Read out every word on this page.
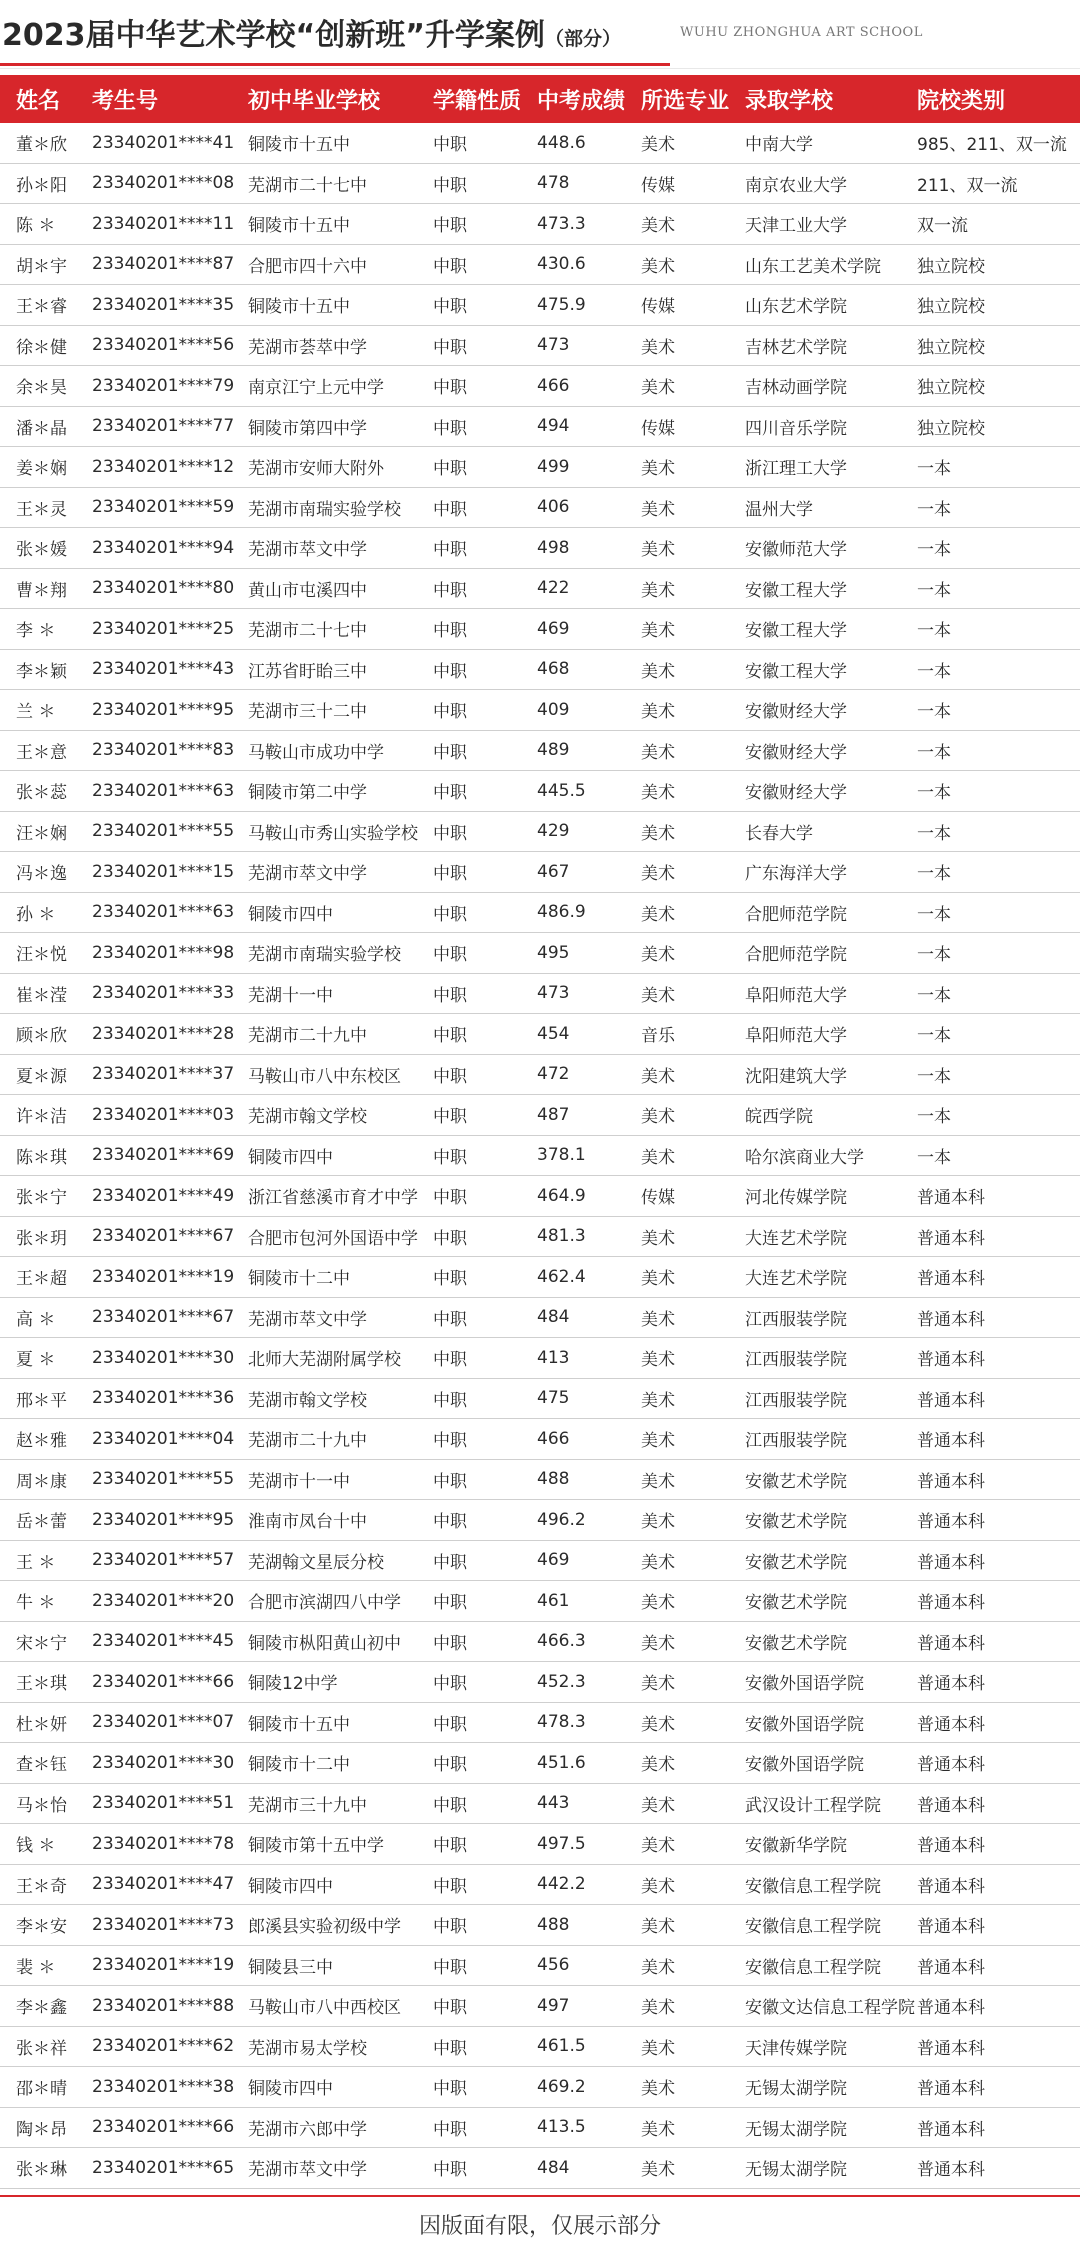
2023届中华艺术学校“创新班”升学案例（部分）	WUHU ZHONGHUA ART SCHOOL
姓名	考生号	初中毕业学校	学籍性质	中考成绩	所选专业	录取学校	院校类别
董＊欣	23340201****41	铜陵市十五中	中职	448.6	美术	中南大学	985、211、双一流
孙＊阳	23340201****08	芜湖市二十七中	中职	478	传媒	南京农业大学	211、双一流
陈 ＊	23340201****11	铜陵市十五中	中职	473.3	美术	天津工业大学	双一流
胡＊宇	23340201****87	合肥市四十六中	中职	430.6	美术	山东工艺美术学院	独立院校
王＊睿	23340201****35	铜陵市十五中	中职	475.9	传媒	山东艺术学院	独立院校
徐＊健	23340201****56	芜湖市荟萃中学	中职	473	美术	吉林艺术学院	独立院校
余＊昊	23340201****79	南京江宁上元中学	中职	466	美术	吉林动画学院	独立院校
潘＊晶	23340201****77	铜陵市第四中学	中职	494	传媒	四川音乐学院	独立院校
姜＊娴	23340201****12	芜湖市安师大附外	中职	499	美术	浙江理工大学	一本
王＊灵	23340201****59	芜湖市南瑞实验学校	中职	406	美术	温州大学	一本
张＊媛	23340201****94	芜湖市萃文中学	中职	498	美术	安徽师范大学	一本
曹＊翔	23340201****80	黄山市屯溪四中	中职	422	美术	安徽工程大学	一本
李 ＊	23340201****25	芜湖市二十七中	中职	469	美术	安徽工程大学	一本
李＊颖	23340201****43	江苏省盱眙三中	中职	468	美术	安徽工程大学	一本
兰 ＊	23340201****95	芜湖市三十二中	中职	409	美术	安徽财经大学	一本
王＊意	23340201****83	马鞍山市成功中学	中职	489	美术	安徽财经大学	一本
张＊蕊	23340201****63	铜陵市第二中学	中职	445.5	美术	安徽财经大学	一本
汪＊娴	23340201****55	马鞍山市秀山实验学校	中职	429	美术	长春大学	一本
冯＊逸	23340201****15	芜湖市萃文中学	中职	467	美术	广东海洋大学	一本
孙 ＊	23340201****63	铜陵市四中	中职	486.9	美术	合肥师范学院	一本
汪＊悦	23340201****98	芜湖市南瑞实验学校	中职	495	美术	合肥师范学院	一本
崔＊滢	23340201****33	芜湖十一中	中职	473	美术	阜阳师范大学	一本
顾＊欣	23340201****28	芜湖市二十九中	中职	454	音乐	阜阳师范大学	一本
夏＊源	23340201****37	马鞍山市八中东校区	中职	472	美术	沈阳建筑大学	一本
许＊洁	23340201****03	芜湖市翰文学校	中职	487	美术	皖西学院	一本
陈＊琪	23340201****69	铜陵市四中	中职	378.1	美术	哈尔滨商业大学	一本
张＊宁	23340201****49	浙江省慈溪市育才中学	中职	464.9	传媒	河北传媒学院	普通本科
张＊玥	23340201****67	合肥市包河外国语中学	中职	481.3	美术	大连艺术学院	普通本科
王＊超	23340201****19	铜陵市十二中	中职	462.4	美术	大连艺术学院	普通本科
高 ＊	23340201****67	芜湖市萃文中学	中职	484	美术	江西服装学院	普通本科
夏 ＊	23340201****30	北师大芜湖附属学校	中职	413	美术	江西服装学院	普通本科
邢＊平	23340201****36	芜湖市翰文学校	中职	475	美术	江西服装学院	普通本科
赵＊雅	23340201****04	芜湖市二十九中	中职	466	美术	江西服装学院	普通本科
周＊康	23340201****55	芜湖市十一中	中职	488	美术	安徽艺术学院	普通本科
岳＊蕾	23340201****95	淮南市凤台十中	中职	496.2	美术	安徽艺术学院	普通本科
王 ＊	23340201****57	芜湖翰文星辰分校	中职	469	美术	安徽艺术学院	普通本科
牛 ＊	23340201****20	合肥市滨湖四八中学	中职	461	美术	安徽艺术学院	普通本科
宋＊宁	23340201****45	铜陵市枞阳黄山初中	中职	466.3	美术	安徽艺术学院	普通本科
王＊琪	23340201****66	铜陵12中学	中职	452.3	美术	安徽外国语学院	普通本科
杜＊妍	23340201****07	铜陵市十五中	中职	478.3	美术	安徽外国语学院	普通本科
查＊钰	23340201****30	铜陵市十二中	中职	451.6	美术	安徽外国语学院	普通本科
马＊怡	23340201****51	芜湖市三十九中	中职	443	美术	武汉设计工程学院	普通本科
钱 ＊	23340201****78	铜陵市第十五中学	中职	497.5	美术	安徽新华学院	普通本科
王＊奇	23340201****47	铜陵市四中	中职	442.2	美术	安徽信息工程学院	普通本科
李＊安	23340201****73	郎溪县实验初级中学	中职	488	美术	安徽信息工程学院	普通本科
裴 ＊	23340201****19	铜陵县三中	中职	456	美术	安徽信息工程学院	普通本科
李＊鑫	23340201****88	马鞍山市八中西校区	中职	497	美术	安徽文达信息工程学院	普通本科
张＊祥	23340201****62	芜湖市易太学校	中职	461.5	美术	天津传媒学院	普通本科
邵＊晴	23340201****38	铜陵市四中	中职	469.2	美术	无锡太湖学院	普通本科
陶＊昂	23340201****66	芜湖市六郎中学	中职	413.5	美术	无锡太湖学院	普通本科
张＊琳	23340201****65	芜湖市萃文中学	中职	484	美术	无锡太湖学院	普通本科
因版面有限，仅展示部分
